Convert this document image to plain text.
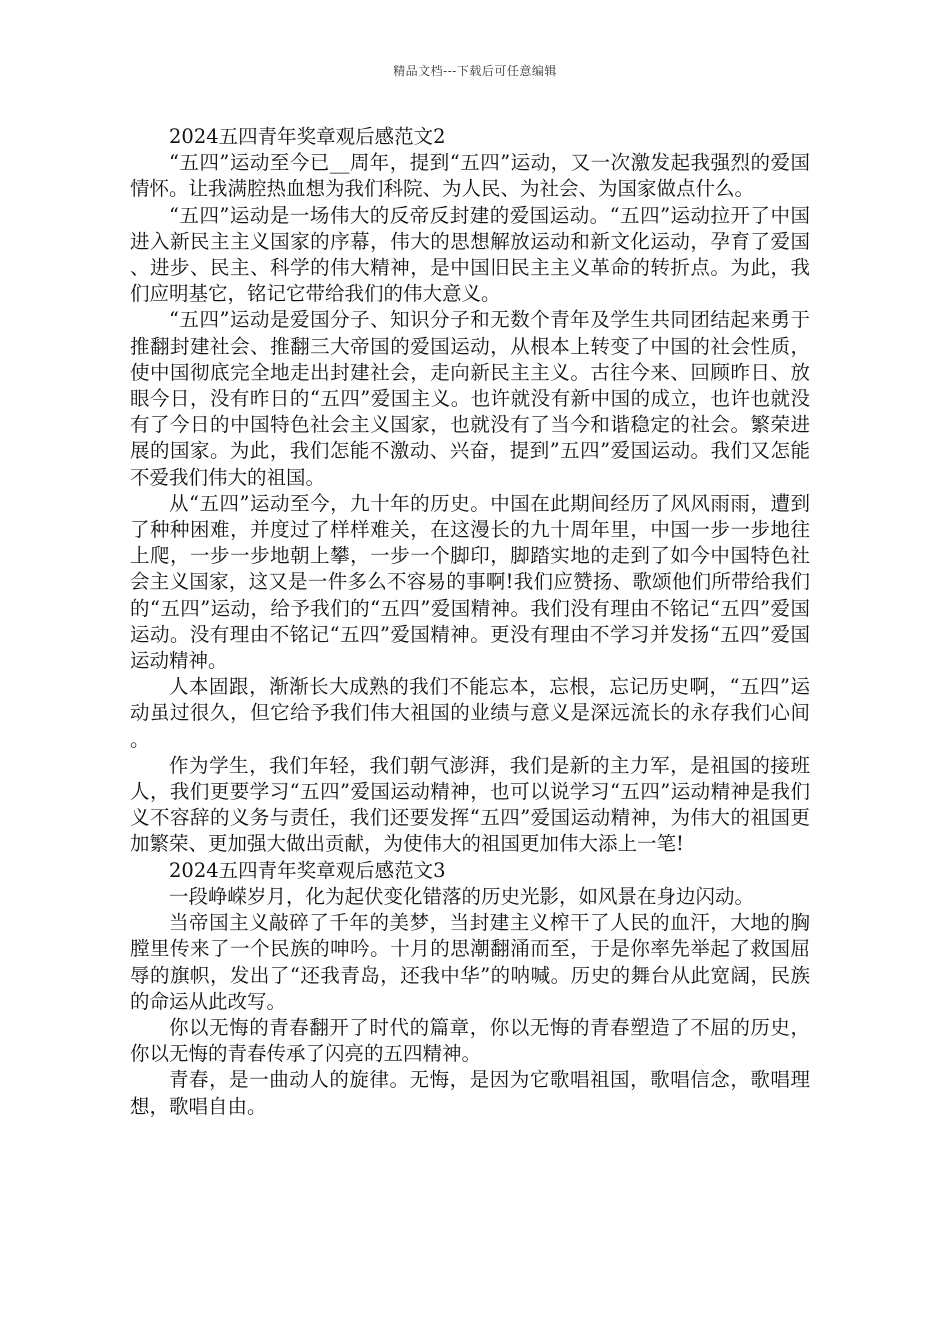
精品文档---下载后可任意编辑

2024五四青年奖章观后感范文2

“五四”运动至今已__周年，提到“五四”运动，又一次激发起我强烈的爱国情怀。让我满腔热血想为我们科院、为人民、为社会、为国家做点什么。

“五四”运动是一场伟大的反帝反封建的爱国运动。“五四”运动拉开了中国进入新民主主义国家的序幕，伟大的思想解放运动和新文化运动，孕育了爱国、进步、民主、科学的伟大精神，是中国旧民主主义革命的转折点。为此，我们应明基它，铭记它带给我们的伟大意义。

“五四”运动是爱国分子、知识分子和无数个青年及学生共同团结起来勇于推翻封建社会、推翻三大帝国的爱国运动，从根本上转变了中国的社会性质，使中国彻底完全地走出封建社会，走向新民主主义。古往今来、回顾昨日、放眼今日，没有昨日的“五四”爱国主义。也许就没有新中国的成立，也许也就没有了今日的中国特色社会主义国家，也就没有了当今和谐稳定的社会。繁荣进展的国家。为此，我们怎能不激动、兴奋，提到”五四”爱国运动。我们又怎能不爱我们伟大的祖国。

从“五四”运动至今，九十年的历史。中国在此期间经历了风风雨雨，遭到了种种困难，并度过了样样难关，在这漫长的九十周年里，中国一步一步地往上爬，一步一步地朝上攀，一步一个脚印，脚踏实地的走到了如今中国特色社会主义国家，这又是一件多么不容易的事啊!我们应赞扬、歌颂他们所带给我们的“五四”运动，给予我们的“五四”爱国精神。我们没有理由不铭记“五四”爱国运动。没有理由不铭记“五四”爱国精神。更没有理由不学习并发扬“五四”爱国运动精神。

人本固跟，渐渐长大成熟的我们不能忘本，忘根，忘记历史啊，“五四”运动虽过很久，但它给予我们伟大祖国的业绩与意义是深远流长的永存我们心间。

作为学生，我们年轻，我们朝气澎湃，我们是新的主力军，是祖国的接班人，我们更要学习“五四”爱国运动精神，也可以说学习“五四”运动精神是我们义不容辞的义务与责任，我们还要发挥“五四”爱国运动精神，为伟大的祖国更加繁荣、更加强大做出贡献，为使伟大的祖国更加伟大添上一笔!

2024五四青年奖章观后感范文3

一段峥嵘岁月，化为起伏变化错落的历史光影，如风景在身边闪动。

当帝国主义敲碎了千年的美梦，当封建主义榨干了人民的血汗，大地的胸膛里传来了一个民族的呻吟。十月的思潮翻涌而至，于是你率先举起了救国屈辱的旗帜，发出了“还我青岛，还我中华”的呐喊。历史的舞台从此宽阔，民族的命运从此改写。

你以无悔的青春翻开了时代的篇章，你以无悔的青春塑造了不屈的历史，你以无悔的青春传承了闪亮的五四精神。

青春，是一曲动人的旋律。无悔，是因为它歌唱祖国，歌唱信念，歌唱理想，歌唱自由。
